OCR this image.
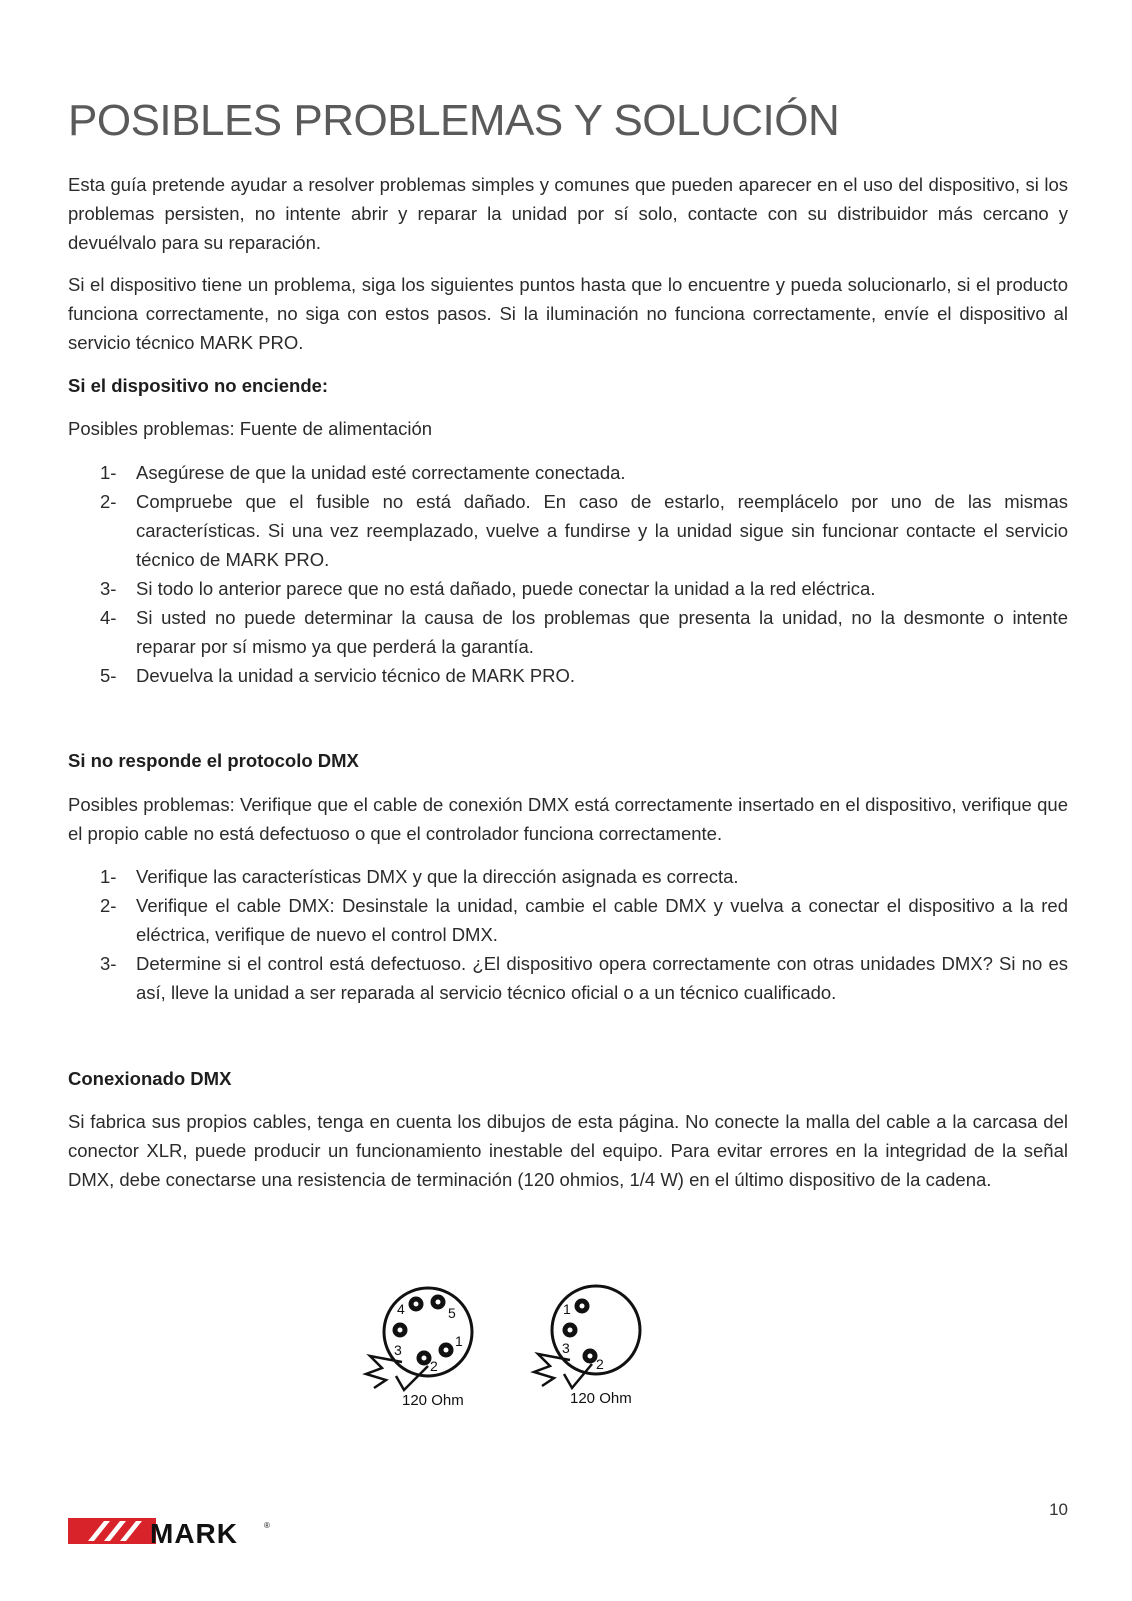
POSIBLES PROBLEMAS Y SOLUCIÓN

Esta guía pretende ayudar a resolver problemas simples y comunes que pueden aparecer en el uso del dispositivo, si los problemas persisten, no intente abrir y reparar la unidad por sí solo, contacte con su distribuidor más cercano y devuélvalo para su reparación.

Si el dispositivo tiene un problema, siga los siguientes puntos hasta que lo encuentre y pueda solucionarlo, si el producto funciona correctamente, no siga con estos pasos. Si la iluminación no funciona correctamente, envíe el dispositivo al servicio técnico MARK PRO.

Si el dispositivo no enciende:

Posibles problemas: Fuente de alimentación

1- Asegúrese de que la unidad esté correctamente conectada.
2- Compruebe que el fusible no está dañado. En caso de estarlo, reemplácelo por uno de las mismas características. Si una vez reemplazado, vuelve a fundirse y la unidad sigue sin funcionar contacte el servicio técnico de MARK PRO.
3- Si todo lo anterior parece que no está dañado, puede conectar la unidad a la red eléctrica.
4- Si usted no puede determinar la causa de los problemas que presenta la unidad, no la desmonte o intente reparar por sí mismo ya que perderá la garantía.
5- Devuelva la unidad a servicio técnico de MARK PRO.
Si no responde el protocolo DMX

Posibles problemas: Verifique que el cable de conexión DMX está correctamente insertado en el dispositivo, verifique que el propio cable no está defectuoso o que el controlador funciona correctamente.

1- Verifique las características DMX y que la dirección asignada es correcta.
2- Verifique el cable DMX: Desinstale la unidad, cambie el cable DMX y vuelva a conectar el dispositivo a la red eléctrica, verifique de nuevo el control DMX.
3- Determine si el control está defectuoso. ¿El dispositivo opera correctamente con otras unidades DMX? Si no es así, lleve la unidad a ser reparada al servicio técnico oficial o a un técnico cualificado.
Conexionado DMX

Si fabrica sus propios cables, tenga en cuenta los dibujos de esta página. No conecte la malla del cable a la carcasa del conector XLR, puede producir un funcionamiento inestable del equipo. Para evitar errores en la integridad de la señal DMX, debe conectarse una resistencia de terminación (120 ohmios, 1/4 W) en el último dispositivo de la cadena.

4	5
3
2
1
120 Ohm
1
3
2
120 Ohm
MARK	®
10
